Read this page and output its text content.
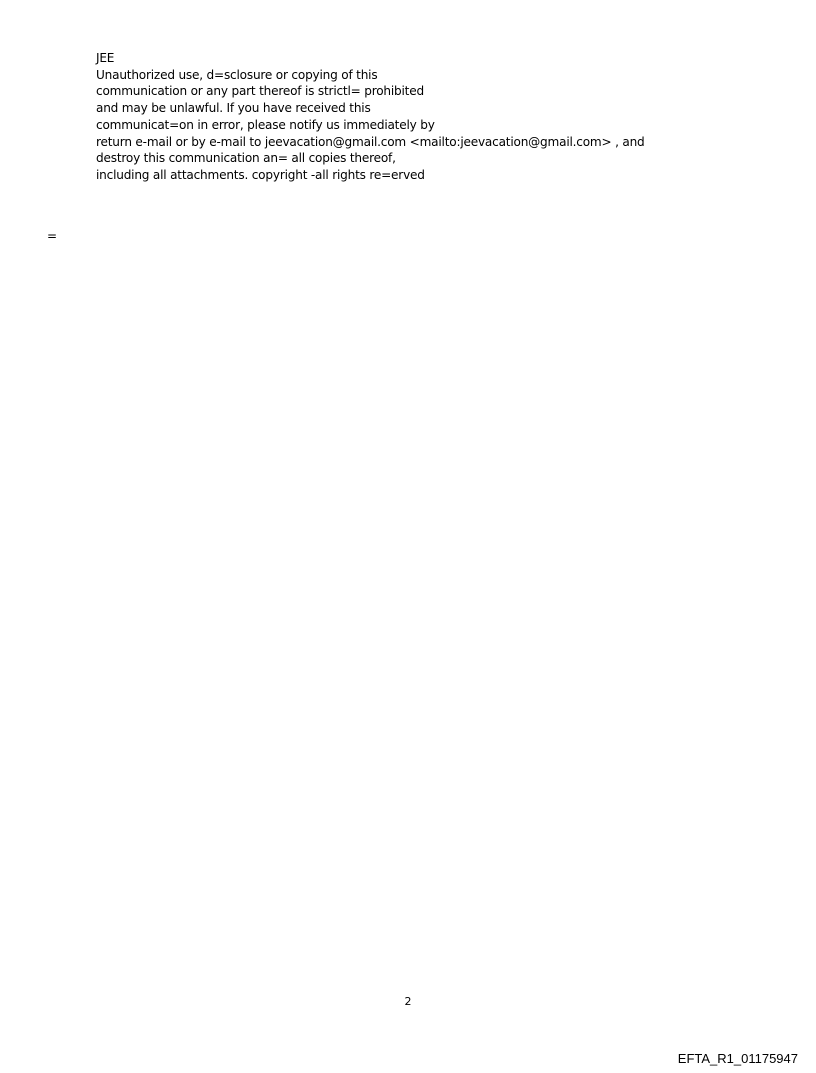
JEE
Unauthorized use, d=sclosure or copying of this
communication or any part thereof is strictl= prohibited
and may be unlawful. If you have received this
communicat=on in error, please notify us immediately by
return e-mail or by e-mail to jeevacation@gmail.com <mailto:jeevacation@gmail.com> , and
destroy this communication an= all copies thereof,
including all attachments. copyright -all rights re=erved
=
2
EFTA_R1_01175947
